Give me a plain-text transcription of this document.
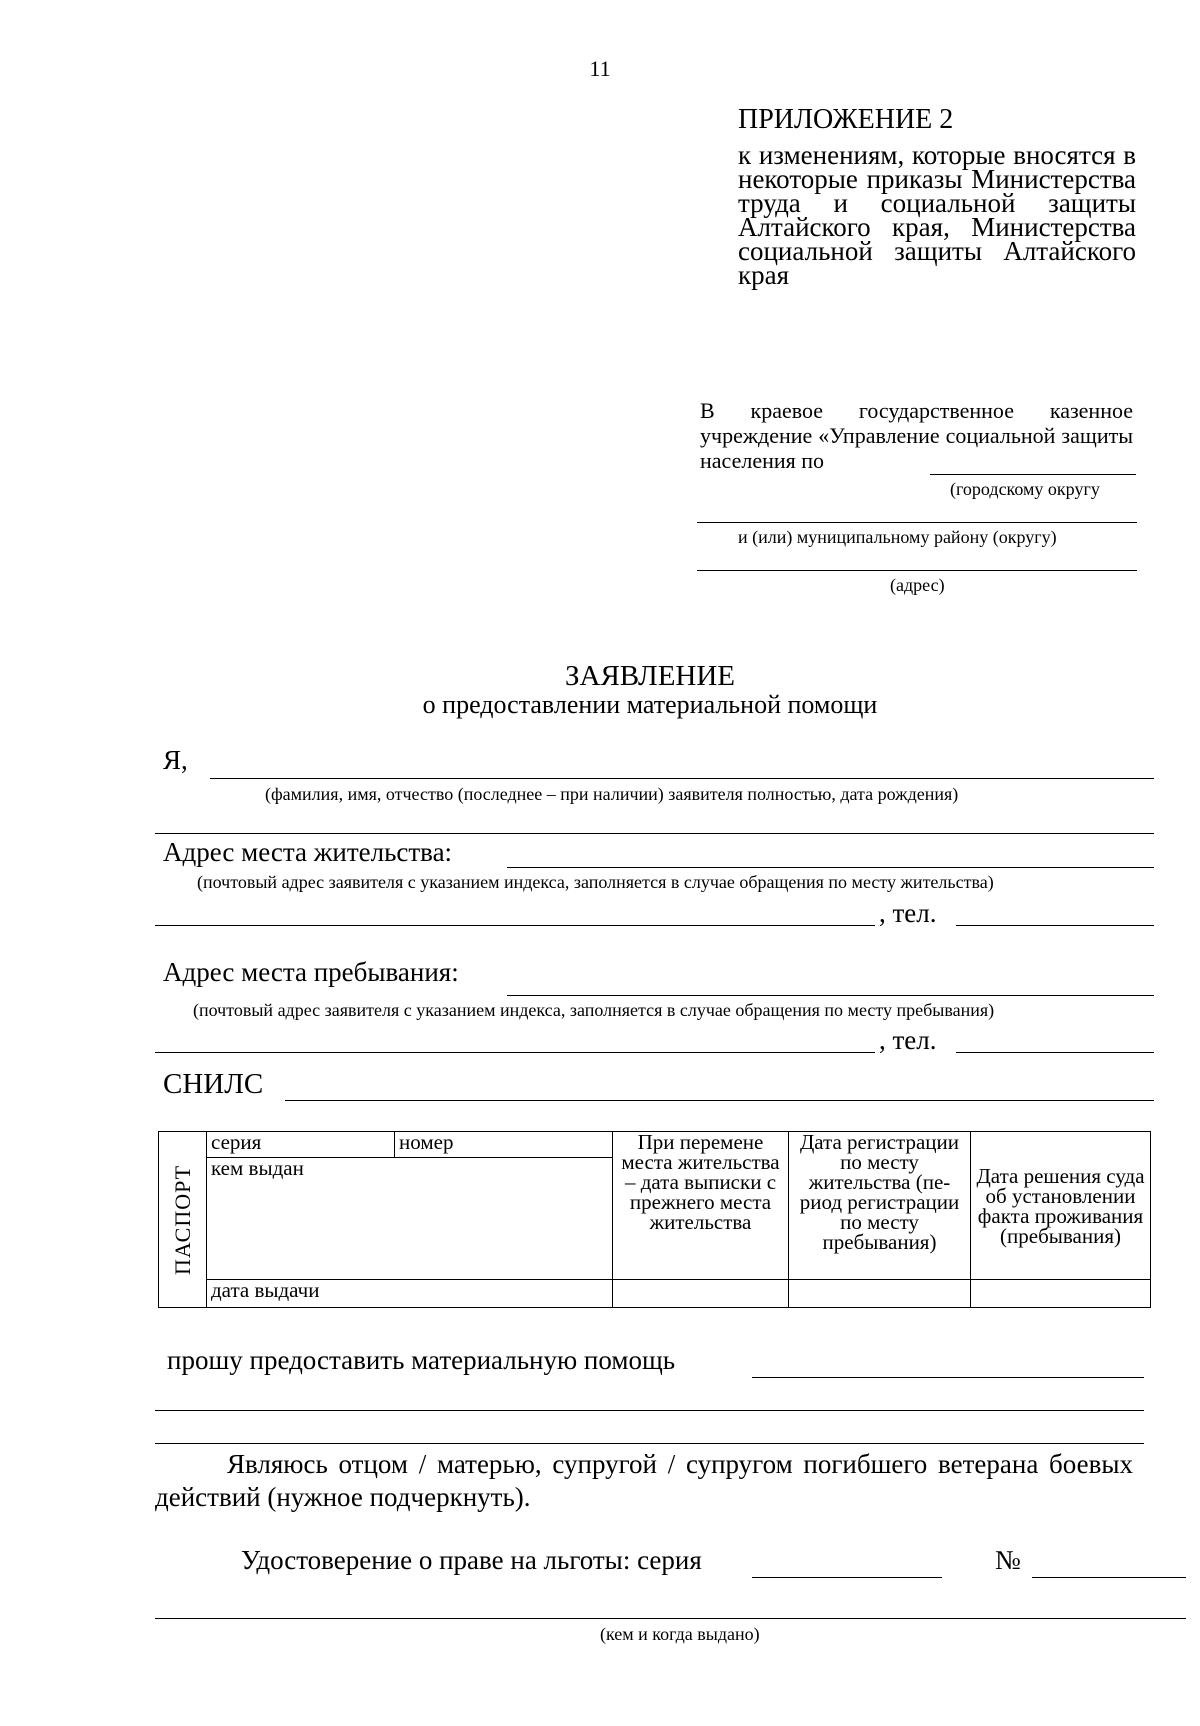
11
ПРИЛОЖЕНИЕ 2
к изменениям, которые вносятся в некоторые приказы Министерства труда и социальной защиты Алтайского края, Министерства социальной защиты Алтайского края
В краевое государственное казенное учреждение «Управление социальной защиты населения по
(городскому округу
и (или) муниципальному району (округу)
(адрес)
ЗАЯВЛЕНИЕ
о предоставлении материальной помощи
Я,
(фамилия, имя, отчество (последнее – при наличии) заявителя полностью, дата рождения)
Адрес места жительства:
(почтовый адрес заявителя с указанием индекса, заполняется в случае обращения по месту жительства)
, тел.
Адрес места пребывания:
(почтовый адрес заявителя с указанием индекса, заполняется в случае обращения по месту пребывания)
, тел.
СНИЛС
ПАСПОРТ	серия	номер	При перемене места жительства – дата выписки с прежнего места жительства	Дата регистрации по месту жительства (период регистрации по месту пребывания)	Дата решения суда об установлении факта проживания (пребывания)
	кем выдан				
	дата выдачи				
прошу предоставить материальную помощь
Являюсь отцом / матерью, супругой / супругом погибшего ветерана боевых действий (нужное подчеркнуть).
Удостоверение о праве на льготы: серия	№
(кем и когда выдано)
